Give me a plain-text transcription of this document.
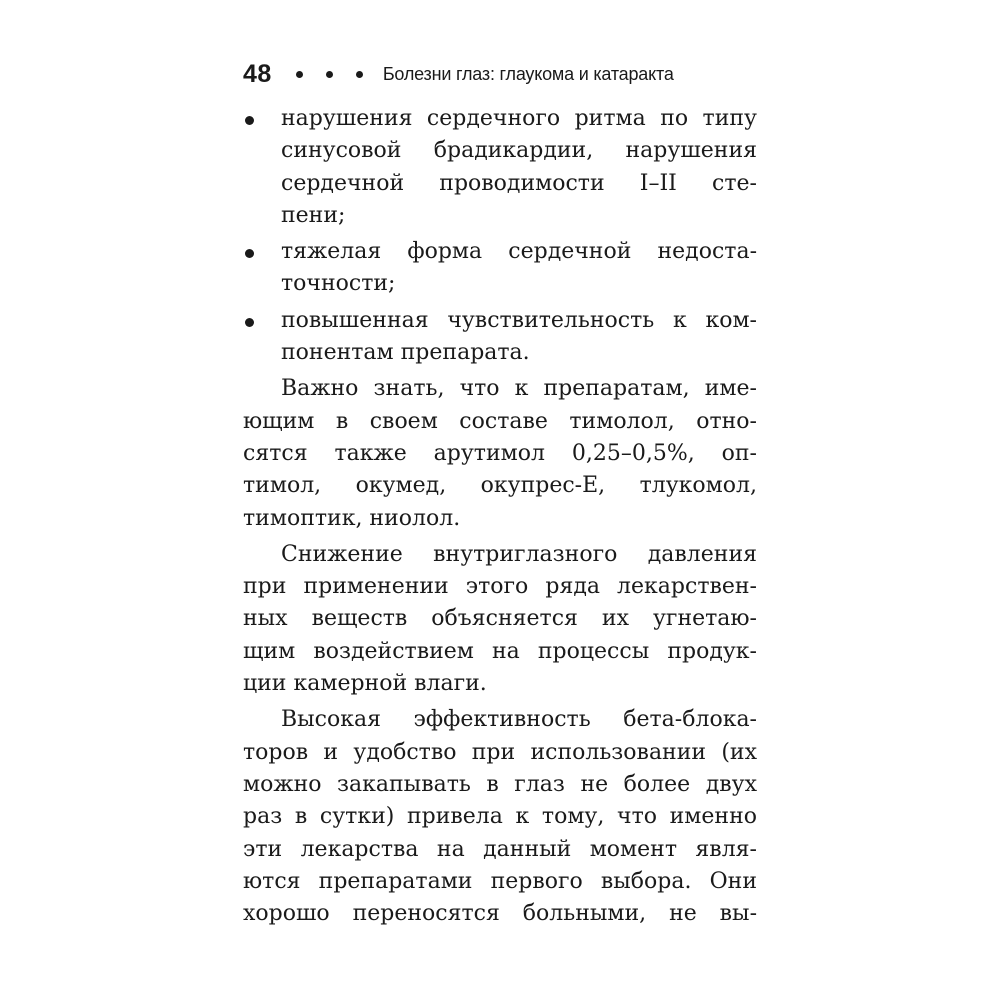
48	Болезни глаз: глаукома и катаракта
нарушения сердечного ритма по типу
синусовой брадикардии, нарушения
сердечной проводимости I–II сте-
пени;
тяжелая форма сердечной недоста-
точности;
повышенная чувствительность к ком-
понентам препарата.
Важно знать, что к препаратам, име-
ющим в своем составе тимолол, отно-
сятся также арутимол 0,25–0,5%, оп-
тимол, окумед, окупрес-Е, тлукомол,
тимоптик, ниолол.
Снижение внутриглазного давления
при применении этого ряда лекарствен-
ных веществ объясняется их угнетаю-
щим воздействием на процессы продук-
ции камерной влаги.
Высокая эффективность бета-блока-
торов и удобство при использовании (их
можно закапывать в глаз не более двух
раз в сутки) привела к тому, что именно
эти лекарства на данный момент явля-
ются препаратами первого выбора. Они
хорошо переносятся больными, не вы-
